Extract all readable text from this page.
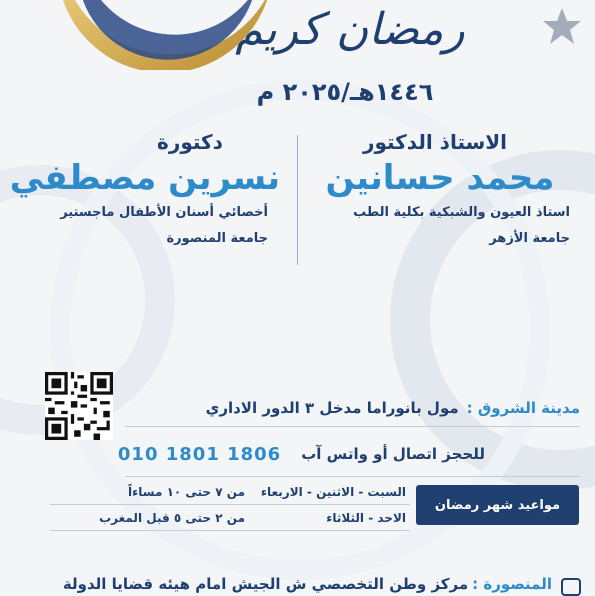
رمضان كريم
١٤٤٦هـ/٢٠٢٥ م
الاستاذ الدكتور
محمد حسانين
استاذ العيون والشبكية بكلية الطب
جامعة الأزهر
دكتورة
نسرين مصطفي
أخصائي أسنان الأطفال ماجستير
جامعة المنصورة
مدينة الشروق :
مول بانوراما مدخل ٣ الدور الاداري
للحجز اتصال أو واتس آب
010 1801 1806
مواعيد شهر رمضان
السبت - الاثنين - الاربعاء
من ٧ حتى ١٠ مساءاً
الاحد - الثلاثاء
من ٢ حتى ٥ قبل المغرب
المنصورة :
مركز وطن التخصصي ش الجيش امام هيئه قضايا الدولة
